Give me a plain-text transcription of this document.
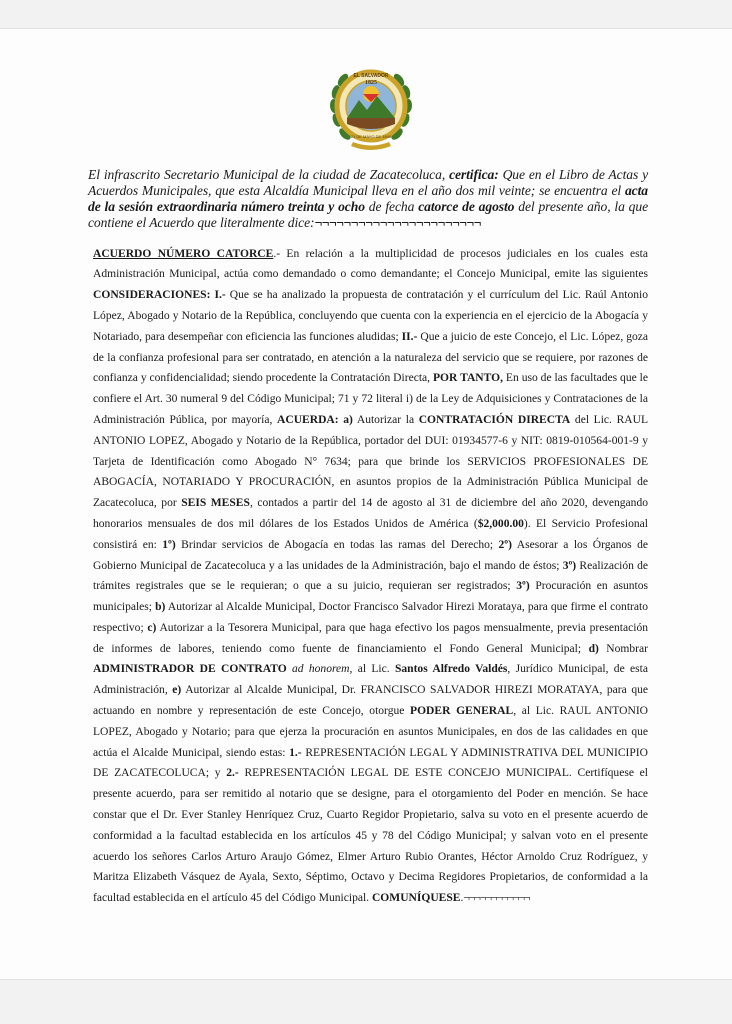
EL SALVADOR
1825
21 DE MAYO DE 1846

El infrascrito Secretario Municipal de la ciudad de Zacatecoluca, certifica: Que en el Libro de Actas y Acuerdos Municipales, que esta Alcaldía Municipal lleva en el año dos mil veinte; se encuentra el acta de la sesión extraordinaria número treinta y ocho de fecha catorce de agosto del presente año, la que contiene el Acuerdo que literalmente dice:¬¬¬¬¬¬¬¬¬¬¬¬¬¬¬¬¬¬¬¬¬¬¬

ACUERDO NÚMERO CATORCE.- En relación a la multiplicidad de procesos judiciales en los cuales esta Administración Municipal, actúa como demandado o como demandante; el Concejo Municipal, emite las siguientes CONSIDERACIONES: I.- Que se ha analizado la propuesta de contratación y el currículum del Lic. Raúl Antonio López, Abogado y Notario de la República, concluyendo que cuenta con la experiencia en el ejercicio de la Abogacía y Notariado, para desempeñar con eficiencia las funciones aludidas; II.- Que a juicio de este Concejo, el Lic. López, goza de la confianza profesional para ser contratado, en atención a la naturaleza del servicio que se requiere, por razones de confianza y confidencialidad; siendo procedente la Contratación Directa, POR TANTO, En uso de las facultades que le confiere el Art. 30 numeral 9 del Código Municipal; 71 y 72 literal i) de la Ley de Adquisiciones y Contrataciones de la Administración Pública, por mayoría, ACUERDA: a) Autorizar la CONTRATACIÓN DIRECTA del Lic. RAUL ANTONIO LOPEZ, Abogado y Notario de la República, portador del DUI: 01934577-6 y NIT: 0819-010564-001-9 y Tarjeta de Identificación como Abogado N° 7634; para que brinde los SERVICIOS PROFESIONALES DE ABOGACÍA, NOTARIADO Y PROCURACIÓN, en asuntos propios de la Administración Pública Municipal de Zacatecoluca, por SEIS MESES, contados a partir del 14 de agosto al 31 de diciembre del año 2020, devengando honorarios mensuales de dos mil dólares de los Estados Unidos de América ($2,000.00). El Servicio Profesional consistirá en: 1º) Brindar servicios de Abogacía en todas las ramas del Derecho; 2º) Asesorar a los Órganos de Gobierno Municipal de Zacatecoluca y a las unidades de la Administración, bajo el mando de éstos; 3º) Realización de trámites registrales que se le requieran; o que a su juicio, requieran ser registrados; 3º) Procuración en asuntos municipales; b) Autorizar al Alcalde Municipal, Doctor Francisco Salvador Hirezi Morataya, para que firme el contrato respectivo; c) Autorizar a la Tesorera Municipal, para que haga efectivo los pagos mensualmente, previa presentación de informes de labores, teniendo como fuente de financiamiento el Fondo General Municipal; d) Nombrar ADMINISTRADOR DE CONTRATO ad honorem, al Lic. Santos Alfredo Valdés, Jurídico Municipal, de esta Administración, e) Autorizar al Alcalde Municipal, Dr. FRANCISCO SALVADOR HIREZI MORATAYA, para que actuando en nombre y representación de este Concejo, otorgue PODER GENERAL, al Lic. RAUL ANTONIO LOPEZ, Abogado y Notario; para que ejerza la procuración en asuntos Municipales, en dos de las calidades en que actúa el Alcalde Municipal, siendo estas: 1.- REPRESENTACIÓN LEGAL Y ADMINISTRATIVA DEL MUNICIPIO DE ZACATECOLUCA; y 2.- REPRESENTACIÓN LEGAL DE ESTE CONCEJO MUNICIPAL. Certifíquese el presente acuerdo, para ser remitido al notario que se designe, para el otorgamiento del Poder en mención. Se hace constar que el Dr. Ever Stanley Henríquez Cruz, Cuarto Regidor Propietario, salva su voto en el presente acuerdo de conformidad a la facultad establecida en los artículos 45 y 78 del Código Municipal; y salvan voto en el presente acuerdo los señores Carlos Arturo Araujo Gómez, Elmer Arturo Rubio Orantes, Héctor Arnoldo Cruz Rodríguez, y Maritza Elizabeth Vásquez de Ayala, Sexto, Séptimo, Octavo y Decima Regidores Propietarios, de conformidad a la facultad establecida en el artículo 45 del Código Municipal. COMUNÍQUESE.¬¬¬¬¬¬¬¬¬¬¬¬
